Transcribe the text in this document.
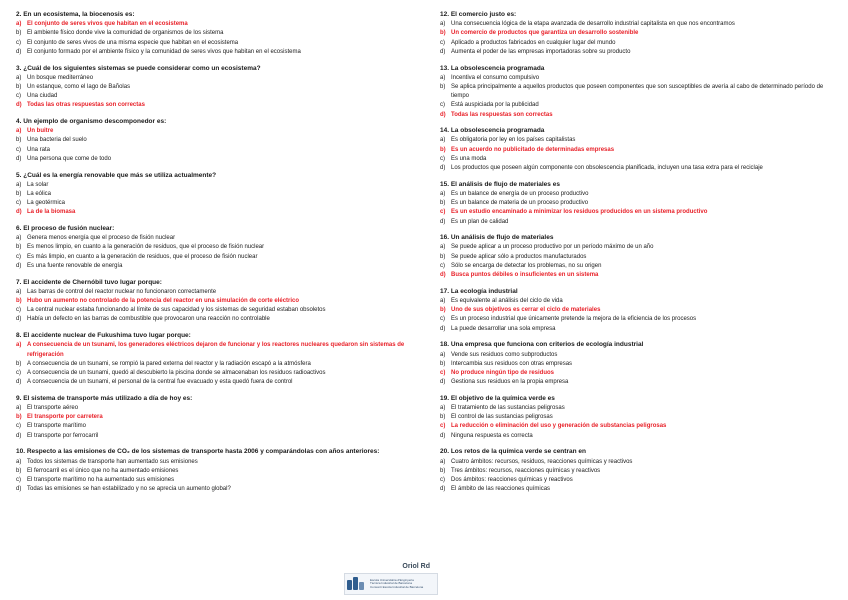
2. En un ecosistema, la biocenosis es:
a) El conjunto de seres vivos que habitan en el ecosistema
b) El ambiente físico donde vive la comunidad de organismos de los sistema
c)	El conjunto de seres vivos de una misma especie que habitan en el ecosistema
d) El conjunto formado por el ambiente físico y la comunidad de seres vivos que habitan en el ecosistema
3. ¿Cuál de los siguientes sistemas se puede considerar como un ecosistema?
a) Un bosque mediterráneo
b) Un estanque, como el lago de Bañolas
c)	Una ciudad
d) Todas las otras respuestas son correctas
4. Un ejemplo de organismo descomponedor es:
a) Un buitre
b) Una bacteria del suelo
c)	Una rata
d) Una persona que come de todo
5. ¿Cuál es la energía renovable que más se utiliza actualmente?
a) La solar
b) La eólica
c)	La geotérmica
d) La de la biomasa
6. El proceso de fusión nuclear:
a) Genera menos energía que el proceso de fisión nuclear
b) Es menos limpio, en cuanto a la generación de residuos, que el proceso de fisión nuclear
c)	Es más limpio, en cuanto a la generación de residuos, que el proceso de fisión nuclear
d) Es una fuente renovable de energía
7. El accidente de Chernóbil tuvo lugar porque:
a) Las barras de control del reactor nuclear no funcionaron correctamente
b) Hubo un aumento no controlado de la potencia del reactor en una simulación de corte eléctrico
c)	La central nuclear estaba funcionando al límite de sus capacidad y los sistemas de seguridad estaban obsoletos
d) Había un defecto en las barras de combustible que provocaron una reacción no controlable
8. El accidente nuclear de Fukushima tuvo lugar porque:
a) A consecuencia de un tsunami, los generadores eléctricos dejaron de funcionar y los reactores nucleares quedaron sin sistemas de refrigeración
b) A consecuencia de un tsunami, se rompió la pared externa del reactor y la radiación escapó a la atmósfera
c)	A consecuencia de un tsunami, quedó al descubierto la piscina donde se almacenaban los residuos radioactivos
d) A consecuencia de un tsunami, el personal de la central fue evacuado y esta quedó fuera de control
9. El sistema de transporte más utilizado a día de hoy es:
a) El transporte aéreo
b) El transporte por carretera
c)	El transporte marítimo
d) El transporte por ferrocarril
10. Respecto a las emisiones de CO₂ de los sistemas de transporte hasta 2006 y comparándolas con años anteriores:
a) Todos los sistemas de transporte han aumentado sus emisiones
b) El ferrocarril es el único que no ha aumentado emisiones
c)	El transporte marítimo no ha aumentado sus emisiones
d) Todas las emisiones se han estabilizado y no se aprecia un aumento global?
12. El comercio justo es:
a) Una consecuencia lógica de la etapa avanzada de desarrollo industrial capitalista en que nos encontramos
b) Un comercio de productos que garantiza un desarrollo sostenible
c)	Aplicado a productos fabricados en cualquier lugar del mundo
d) Aumenta el poder de las empresas importadoras sobre su producto
13. La obsolescencia programada
a) Incentiva el consumo compulsivo
b) Se aplica principalmente a aquellos productos que poseen componentes que son susceptibles de avería al cabo de determinado período de tiempo
c)	Está auspiciada por la publicidad
d) Todas las respuestas son correctas
14. La obsolescencia programada
a) Es obligatoria por ley en los países capitalistas
b) Es un acuerdo no publicitado de determinadas empresas
c)	Es una moda
d) Los productos que poseen algún componente con obsolescencia planificada, incluyen una tasa extra para el reciclaje
15. El análisis de flujo de materiales es
a) Es un balance de energía de un proceso productivo
b) Es un balance de materia de un proceso productivo
c) Es un estudio encaminado a minimizar los residuos producidos en un sistema productivo
d) Es un plan de calidad
16. Un análisis de flujo de materiales
a) Se puede aplicar a un proceso productivo por un período máximo de un año
b) Se puede aplicar sólo a productos manufacturados
c)	Sólo se encarga de detectar los problemas, no su origen
d) Busca puntos débiles o insuficientes en un sistema
17. La ecología industrial
a) Es equivalente al análisis del ciclo de vida
b) Uno de sus objetivos es cerrar el ciclo de materiales
c)	Es un proceso industrial que únicamente pretende la mejora de la eficiencia de los procesos
d) La puede desarrollar una sola empresa
18. Una empresa que funciona con criterios de ecología industrial
a) Vende sus residuos como subproductos
b) Intercambia sus residuos con otras empresas
c) No produce ningún tipo de residuos
d) Gestiona sus residuos en la propia empresa
19. El objetivo de la química verde es
a) El tratamiento de las sustancias peligrosas
b) El control de las sustancias peligrosas
c) La reducción o eliminación del uso y generación de substancias peligrosas
d) Ninguna respuesta es correcta
20. Los retos de la química verde se centran en
a) Cuatro ámbitos: recursos, residuos, reacciones químicas y reactivos
b) Tres ámbitos: recursos, reacciones químicas y reactivos
c)	Dos ámbitos: reacciones químicas y reactivos
d) El ámbito de las reacciones químicas
Oriol Rd
Escola Universitària d'Enginyeria
Tècnica Industrial de Barcelona
Consorci Escola Industrial de Barcelona
